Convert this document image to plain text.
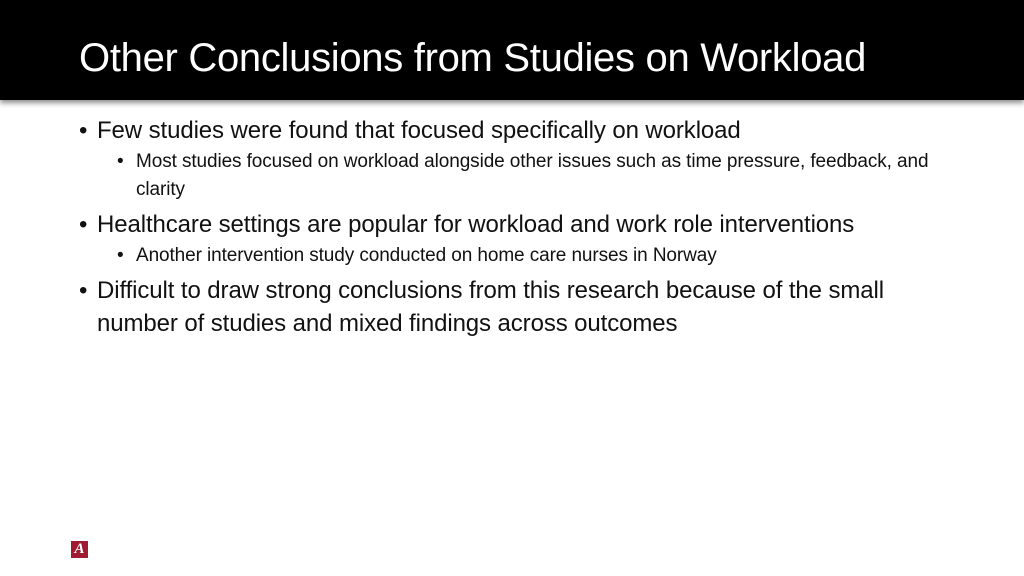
Other Conclusions from Studies on Workload
• Few studies were found that focused specifically on workload
• Most studies focused on workload alongside other issues such as time pressure, feedback, and clarity
• Healthcare settings are popular for workload and work role interventions
• Another intervention study conducted on home care nurses in Norway
• Difficult to draw strong conclusions from this research because of the small number of studies and mixed findings across outcomes
A
